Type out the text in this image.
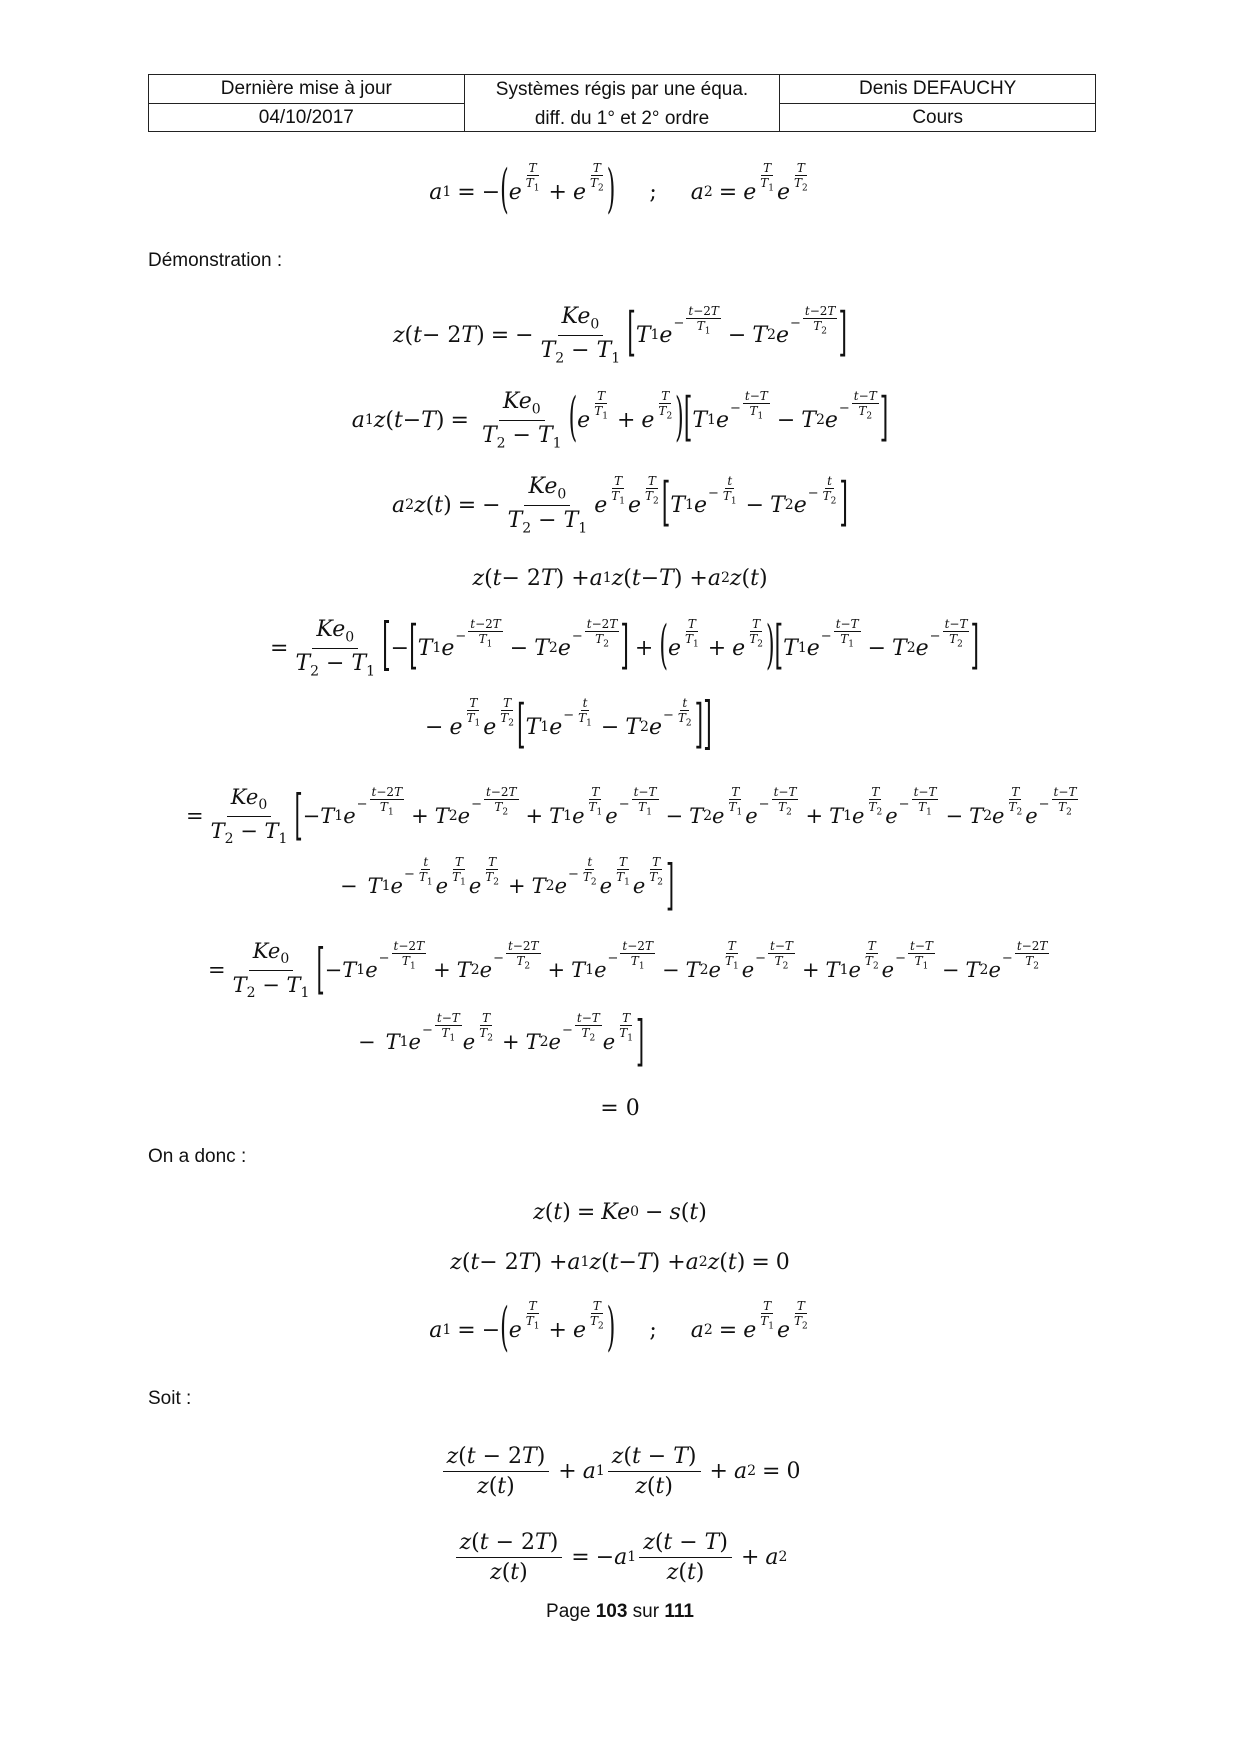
Dernière mise à jour
04/10/2017
Systèmes régis par une équa.
diff. du 1° et 2° ordre
Denis DEFAUCHY
Cours
a 1 = − ( e
T
$T_1 + e$
T
$T_2$ ) ; a 2 = e
T
$T_1$ e
T
$T_2$
Démonstration :
z ( t − 2 T ) = − $\frac{Ke_0}{T_2 - T_1}$ [ T 1 $e - \frac{t-2T}{T_1} - T$ 2 $e - \frac{t-2T}{T_2}$ ]
a 1 z ( t − T ) = $\frac{Ke_0}{T_2 - T_1}$ ( e
T
$T_1 + e$
T
$T_2$ ) [ T 1 $e - \frac{t-T}{T_1} - T$ 2 $e - \frac{t-T}{T_2}$ ]
a 2 z ( t ) = − $\frac{Ke_0}{T_2 - T_1}$ e
T
$T_1$ e
T
$T_2$ [ T 1 $e - \frac{t}{T_1} - T$ 2 $e - \frac{t}{T_2}$ ]
z ( t − 2 T ) + a 1 z ( t − T ) + a 2 z ( t )
= $\frac{Ke_0}{T_2 - T_1}$ [ − [ T 1 $e - \frac{t-2T}{T_1} - T$ 2 $e - \frac{t-2T}{T_2}$ ] + ( e
T
$T_1 + e$
T
$T_2$ ) [ T 1 $e - \frac{t-T}{T_1} - T$ 2 $e - \frac{t-T}{T_2}$ ]
− e
T
$T_1$ e
T
$T_2$ [ T 1 $e - \frac{t}{T_1} - T$ 2 $e - \frac{t}{T_2}$ ] ]
= $\frac{Ke_0}{T_2 - T_1}$ [ − T 1 $e - \frac{t-2T}{T_1} + T$ 2 $e - \frac{t-2T}{T_2} + T$ 1 e
T
$T_1$ $e - \frac{t-T}{T_1} - T$ 2 e
T
$T_1$ $e - \frac{t-T}{T_2} + T$ 1 e
T
$T_2$ $e - \frac{t-T}{T_1} - T$ 2 e
T
$T_2$ $e - \frac{t-T}{T_2}$
− T 1 $e - \frac{t}{T_1}$ e
T
$T_1$ e
T
$T_2 + T$ 2 $e - \frac{t}{T_2}$ e
T
$T_1$ e
T
$T_2$ ]
= $\frac{Ke_0}{T_2 - T_1}$ [ − T 1 $e - \frac{t-2T}{T_1} + T$ 2 $e - \frac{t-2T}{T_2} + T$ 1 $e - \frac{t-2T}{T_1} - T$ 2 e
T
$T_1$ $e - \frac{t-T}{T_2} + T$ 1 e
T
$T_2$ $e - \frac{t-T}{T_1} - T$ 2 $e - \frac{t-2T}{T_2}$
− T 1 $e - \frac{t-T}{T_1}$ e
T
$T_2 + T$ 2 $e - \frac{t-T}{T_2}$ e
T
$T_1$ ]
= 0
On a donc :
z ( t ) = Ke 0 − s ( t )
z ( t − 2 T ) + a 1 z ( t − T ) + a 2 z ( t ) = 0
a 1 = − ( e
T
$T_1 + e$
T
$T_2$ ) ; a 2 = e
T
$T_1$ e
T
$T_2$
Soit :
$\frac{z(t - 2T)}{z(t)} + a$ $1 \frac{z(t - T)}{z(t)} + a$ 2 = 0
$\frac{z(t - 2T)}{z(t)}$ = − a $1 \frac{z(t - T)}{z(t)} + a$ 2
Page 103 sur 111
